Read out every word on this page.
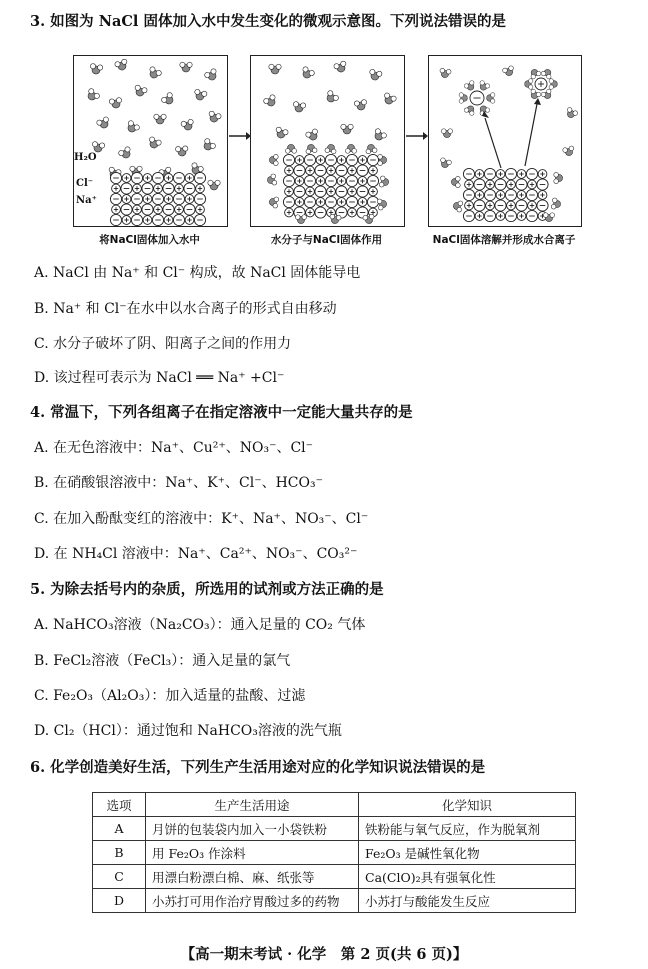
3. 如图为 NaCl 固体加入水中发生变化的微观示意图。下列说法错误的是
H₂O
Cl⁻
Na⁺
将NaCl固体加入水中	水分子与NaCl固体作用	NaCl固体溶解并形成水合离子
A. NaCl 由 Na⁺ 和 Cl⁻ 构成，故 NaCl 固体能导电
B. Na⁺ 和 Cl⁻在水中以水合离子的形式自由移动
C. 水分子破坏了阴、阳离子之间的作用力
D. 该过程可表示为 NaCl ══ Na⁺ +Cl⁻
4. 常温下，下列各组离子在指定溶液中一定能大量共存的是
A. 在无色溶液中：Na⁺、Cu²⁺、NO₃⁻、Cl⁻
B. 在硝酸银溶液中：Na⁺、K⁺、Cl⁻、HCO₃⁻
C. 在加入酚酞变红的溶液中：K⁺、Na⁺、NO₃⁻、Cl⁻
D. 在 NH₄Cl 溶液中：Na⁺、Ca²⁺、NO₃⁻、CO₃²⁻
5. 为除去括号内的杂质，所选用的试剂或方法正确的是
A. NaHCO₃溶液（Na₂CO₃）：通入足量的 CO₂ 气体
B. FeCl₂溶液（FeCl₃）：通入足量的氯气
C. Fe₂O₃（Al₂O₃）：加入适量的盐酸、过滤
D. Cl₂（HCl）：通过饱和 NaHCO₃溶液的洗气瓶
6. 化学创造美好生活，下列生产生活用途对应的化学知识说法错误的是
选项	生产生活用途	化学知识
A	月饼的包装袋内加入一小袋铁粉	铁粉能与氧气反应，作为脱氧剂
B	用 Fe₂O₃ 作涂料	Fe₂O₃ 是碱性氧化物
C	用漂白粉漂白棉、麻、纸张等	Ca(ClO)₂具有强氧化性
D	小苏打可用作治疗胃酸过多的药物	小苏打与酸能发生反应
【高一期末考试 · 化学　第 2 页(共 6 页)】
